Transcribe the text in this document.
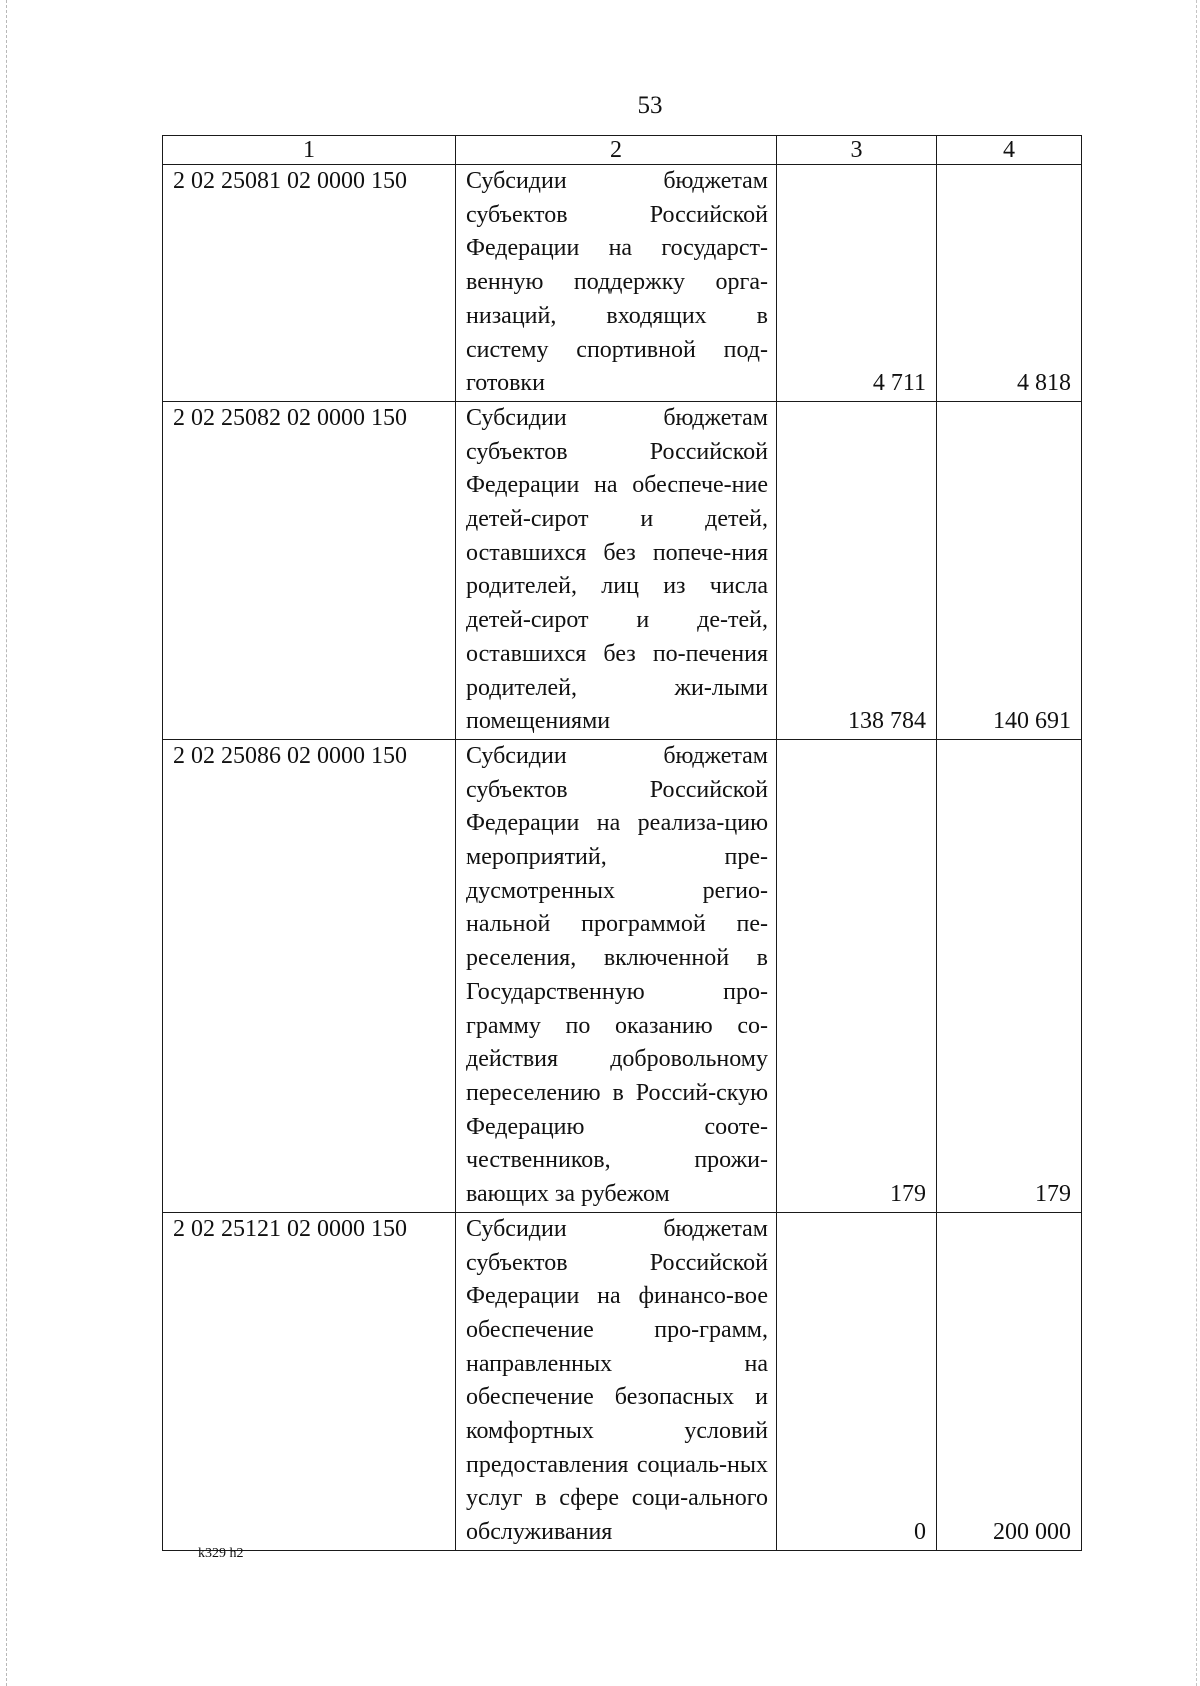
53
1	2	3	4
2 02 25081 02 0000 150	Субсидии бюджетам субъектов Российской Федерации на государст-венную поддержку орга-низаций, входящих в систему спортивной под-готовки	4 711	4 818
2 02 25082 02 0000 150	Субсидии бюджетам субъектов Российской Федерации на обеспече-ние детей-сирот и детей, оставшихся без попече-ния родителей, лиц из числа детей-сирот и де-тей, оставшихся без по-печения родителей, жи-лыми помещениями	138 784	140 691
2 02 25086 02 0000 150	Субсидии бюджетам субъектов Российской Федерации на реализа-цию мероприятий, пре-дусмотренных регио-нальной программой пе-реселения, включенной в Государственную про-грамму по оказанию со-действия добровольному переселению в Россий-скую Федерацию сооте-чественников, прожи-вающих за рубежом	179	179
2 02 25121 02 0000 150	Субсидии бюджетам субъектов Российской Федерации на финансо-вое обеспечение про-грамм, направленных на обеспечение безопасных и комфортных условий предоставления социаль-ных услуг в сфере соци-ального обслуживания	0	200 000
k329 h2
